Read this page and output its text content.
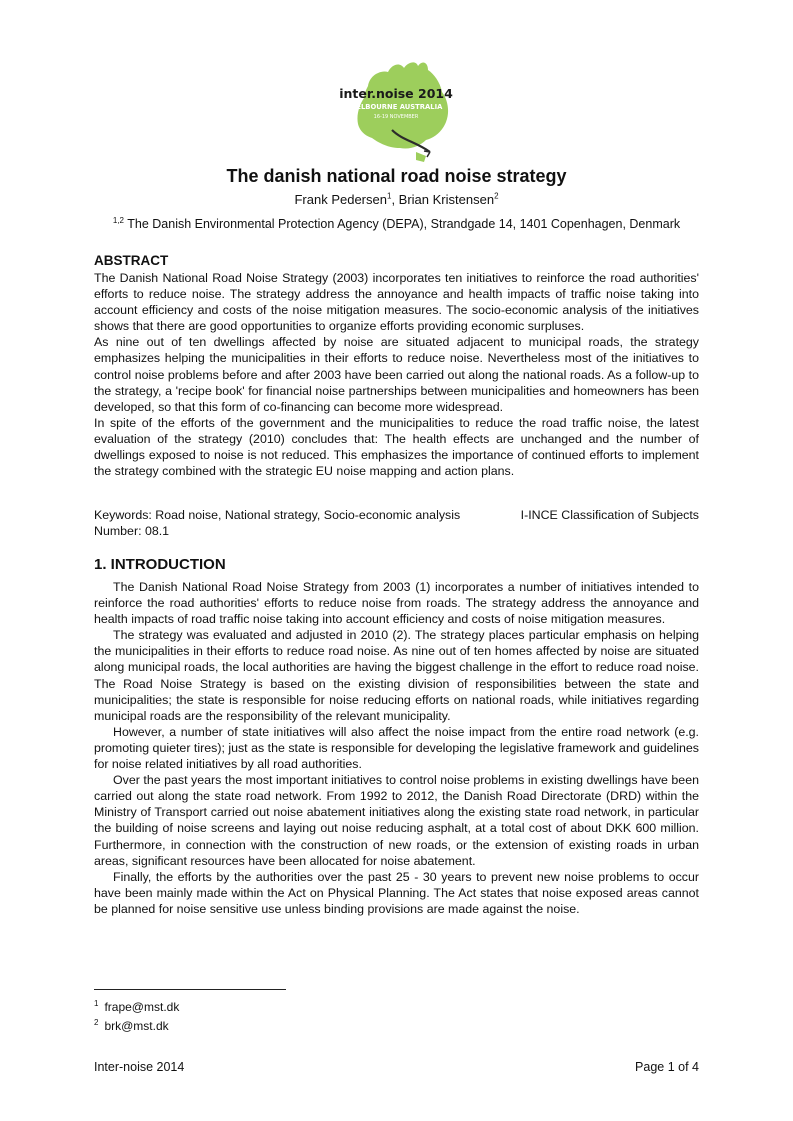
inter.noise 2014
MELBOURNE AUSTRALIA
16-19 NOVEMBER
The danish national road noise strategy
Frank Pedersen$^1$, Brian Kristensen$^2$
$^{1,2}$ The Danish Environmental Protection Agency (DEPA), Strandgade 14, 1401 Copenhagen, Denmark
ABSTRACT

The Danish National Road Noise Strategy (2003) incorporates ten initiatives to reinforce the road authorities' efforts to reduce noise. The strategy address the annoyance and health impacts of traffic noise taking into account efficiency and costs of the noise mitigation measures. The socio-economic analysis of the initiatives shows that there are good opportunities to organize efforts providing economic surpluses.

As nine out of ten dwellings affected by noise are situated adjacent to municipal roads, the strategy emphasizes helping the municipalities in their efforts to reduce noise. Nevertheless most of the initiatives to control noise problems before and after 2003 have been carried out along the national roads. As a follow-up to the strategy, a 'recipe book' for financial noise partnerships between municipalities and homeowners has been developed, so that this form of co-financing can become more widespread.

In spite of the efforts of the government and the municipalities to reduce the road traffic noise, the latest evaluation of the strategy (2010) concludes that: The health effects are unchanged and the number of dwellings exposed to noise is not reduced. This emphasizes the importance of continued efforts to implement the strategy combined with the strategic EU noise mapping and action plans.

Keywords: Road noise, National strategy, Socio-economic analysis	I-INCE Classification of Subjects
Number: 08.1
1. INTRODUCTION

The Danish National Road Noise Strategy from 2003 (1) incorporates a number of initiatives intended to reinforce the road authorities' efforts to reduce noise from roads. The strategy address the annoyance and health impacts of road traffic noise taking into account efficiency and costs of noise mitigation measures.

The strategy was evaluated and adjusted in 2010 (2). The strategy places particular emphasis on helping the municipalities in their efforts to reduce road noise. As nine out of ten homes affected by noise are situated along municipal roads, the local authorities are having the biggest challenge in the effort to reduce road noise. The Road Noise Strategy is based on the existing division of responsibilities between the state and municipalities; the state is responsible for noise reducing efforts on national roads, while initiatives regarding municipal roads are the responsibility of the relevant municipality.

However, a number of state initiatives will also affect the noise impact from the entire road network (e.g. promoting quieter tires); just as the state is responsible for developing the legislative framework and guidelines for noise related initiatives by all road authorities.

Over the past years the most important initiatives to control noise problems in existing dwellings have been carried out along the state road network. From 1992 to 2012, the Danish Road Directorate (DRD) within the Ministry of Transport carried out noise abatement initiatives along the existing state road network, in particular the building of noise screens and laying out noise reducing asphalt, at a total cost of about DKK 600 million. Furthermore, in connection with the construction of new roads, or the extension of existing roads in urban areas, significant resources have been allocated for noise abatement.

Finally, the efforts by the authorities over the past 25 - 30 years to prevent new noise problems to occur have been mainly made within the Act on Physical Planning. The Act states that noise exposed areas cannot be planned for noise sensitive use unless binding provisions are made against the noise.

$^1$ frape@mst.dk
$^2$ brk@mst.dk
Inter-noise 2014	Page 1 of 4
